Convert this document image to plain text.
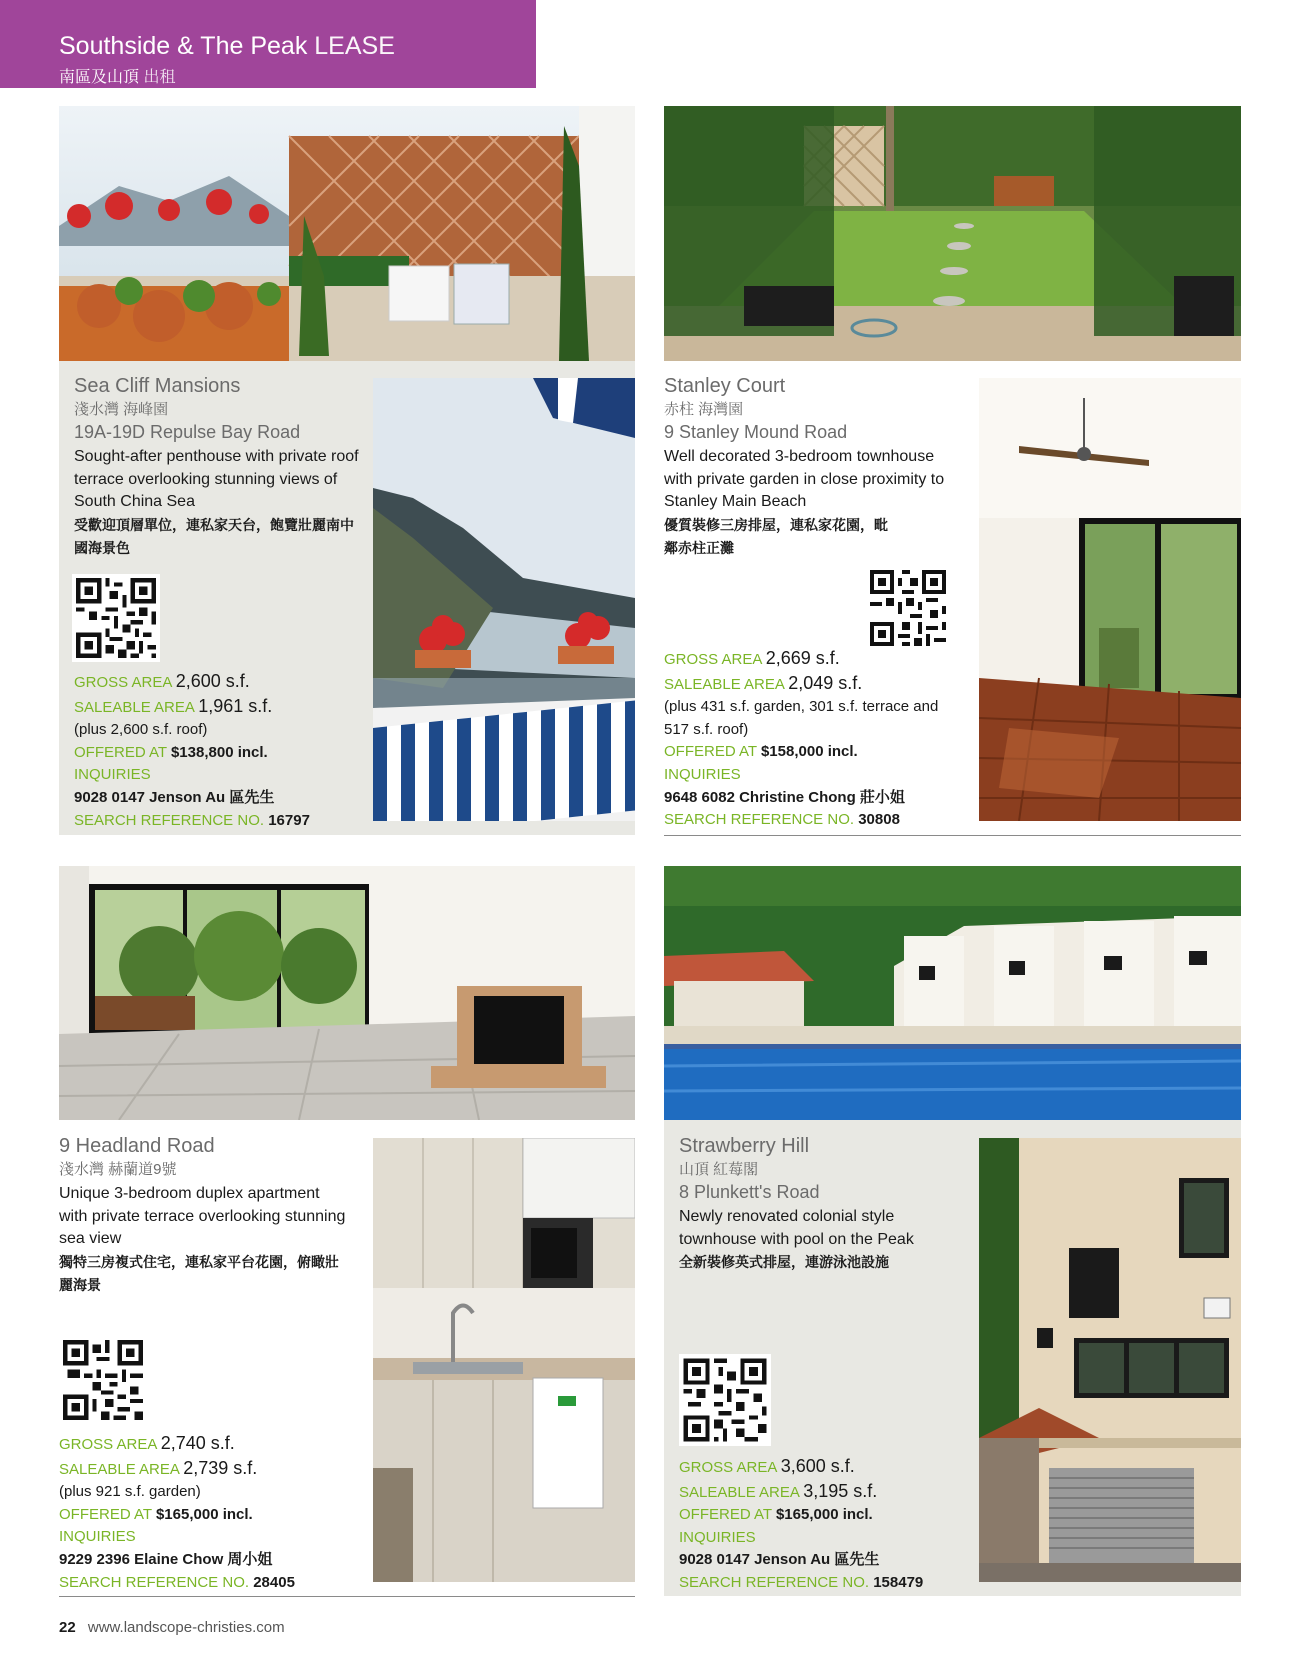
Southside & The Peak LEASE
南區及山頂 出租
Sea Cliff Mansions
淺水灣 海峰園
19A-19D Repulse Bay Road
Sought-after penthouse with private roof terrace overlooking stunning views of South China Sea
受歡迎頂層單位，連私家天台，飽覽壯麗南中國海景色
GROSS AREA 2,600 s.f.
SALEABLE AREA 1,961 s.f.
(plus 2,600 s.f. roof)
OFFERED AT $138,800 incl.
INQUIRIES
9028 0147 Jenson Au 區先生
SEARCH REFERENCE NO. 16797
Stanley Court
赤柱 海灣園
9 Stanley Mound Road
Well decorated 3-bedroom townhouse with private garden in close proximity to Stanley Main Beach
優質裝修三房排屋，連私家花園，毗鄰赤柱正灘
GROSS AREA 2,669 s.f.
SALEABLE AREA 2,049 s.f.
(plus 431 s.f. garden, 301 s.f. terrace and 517 s.f. roof)
OFFERED AT $158,000 incl.
INQUIRIES
9648 6082 Christine Chong 莊小姐
SEARCH REFERENCE NO. 30808
9 Headland Road
淺水灣 赫蘭道9號
Unique 3-bedroom duplex apartment with private terrace overlooking stunning sea view
獨特三房複式住宅，連私家平台花園，俯瞰壯麗海景
GROSS AREA 2,740 s.f.
SALEABLE AREA 2,739 s.f.
(plus 921 s.f. garden)
OFFERED AT $165,000 incl.
INQUIRIES
9229 2396 Elaine Chow 周小姐
SEARCH REFERENCE NO. 28405
Strawberry Hill
山頂 紅莓閣
8 Plunkett's Road
Newly renovated colonial style townhouse with pool on the Peak
全新裝修英式排屋，連游泳池設施
GROSS AREA 3,600 s.f.
SALEABLE AREA 3,195 s.f.
OFFERED AT $165,000 incl.
INQUIRIES
9028 0147 Jenson Au 區先生
SEARCH REFERENCE NO. 158479
22 www.landscope-christies.com
